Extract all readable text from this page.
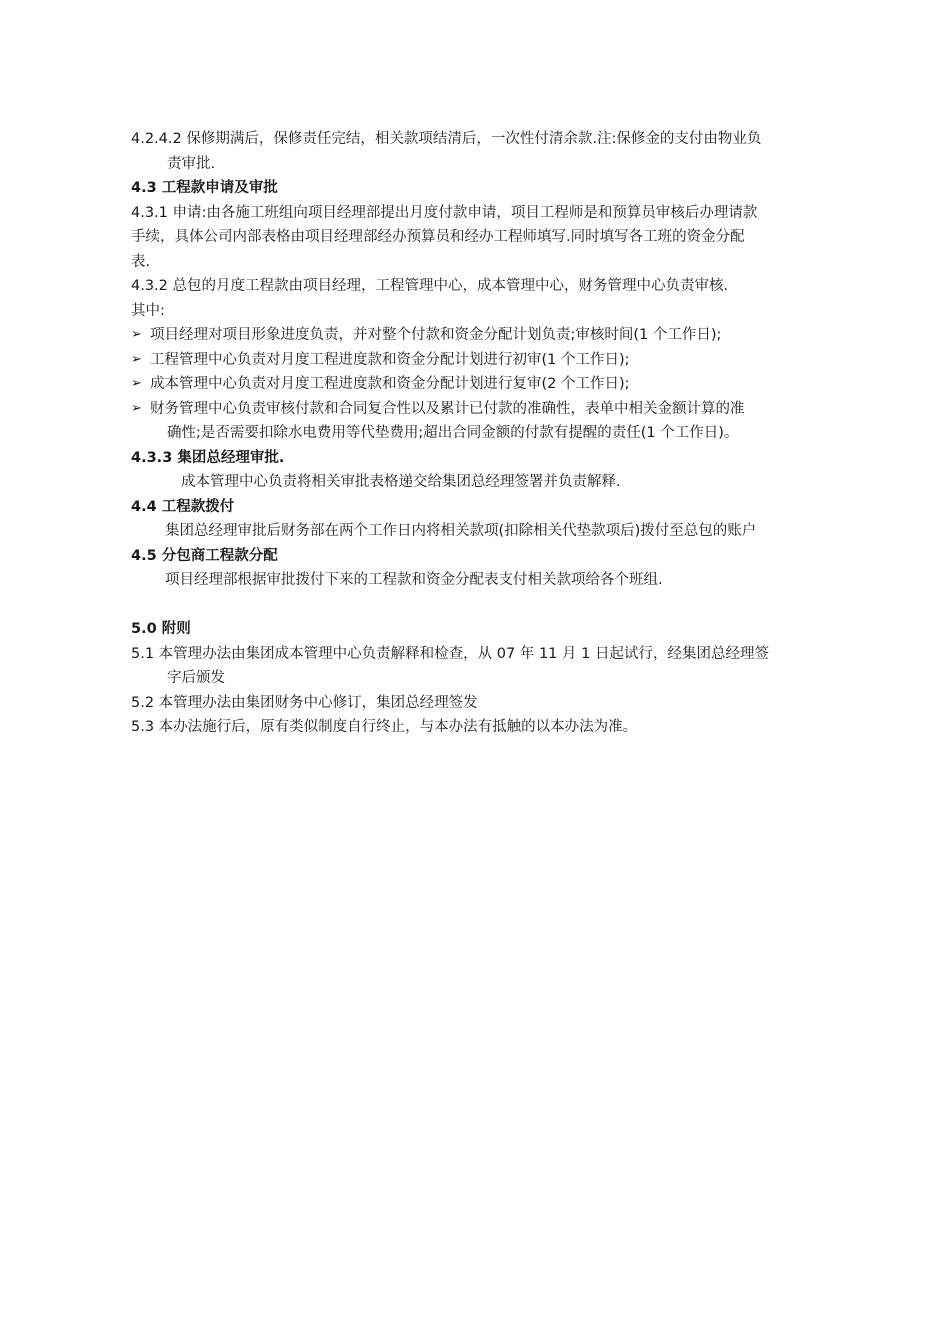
4.2.4.2 保修期满后，保修责任完结，相关款项结清后，一次性付清余款.注:保修金的支付由物业负
责审批.
4.3 工程款申请及审批
4.3.1 申请:由各施工班组向项目经理部提出月度付款申请，项目工程师是和预算员审核后办理请款
手续，具体公司内部表格由项目经理部经办预算员和经办工程师填写.同时填写各工班的资金分配
表.
4.3.2 总包的月度工程款由项目经理，工程管理中心，成本管理中心，财务管理中心负责审核.
其中:
➢ 项目经理对项目形象进度负责，并对整个付款和资金分配计划负责;审核时间(1 个工作日);
➢ 工程管理中心负责对月度工程进度款和资金分配计划进行初审(1 个工作日);
➢ 成本管理中心负责对月度工程进度款和资金分配计划进行复审(2 个工作日);
➢ 财务管理中心负责审核付款和合同复合性以及累计已付款的准确性，表单中相关金额计算的准
确性;是否需要扣除水电费用等代垫费用;超出合同金额的付款有提醒的责任(1 个工作日)。
4.3.3 集团总经理审批.
成本管理中心负责将相关审批表格递交给集团总经理签署并负责解释.
4.4 工程款拨付
集团总经理审批后财务部在两个工作日内将相关款项(扣除相关代垫款项后)拨付至总包的账户
4.5 分包商工程款分配
项目经理部根据审批拨付下来的工程款和资金分配表支付相关款项给各个班组.
5.0 附则
5.1 本管理办法由集团成本管理中心负责解释和检查，从 07 年 11 月 1 日起试行，经集团总经理签
字后颁发
5.2 本管理办法由集团财务中心修订，集团总经理签发
5.3 本办法施行后，原有类似制度自行终止，与本办法有抵触的以本办法为准。
